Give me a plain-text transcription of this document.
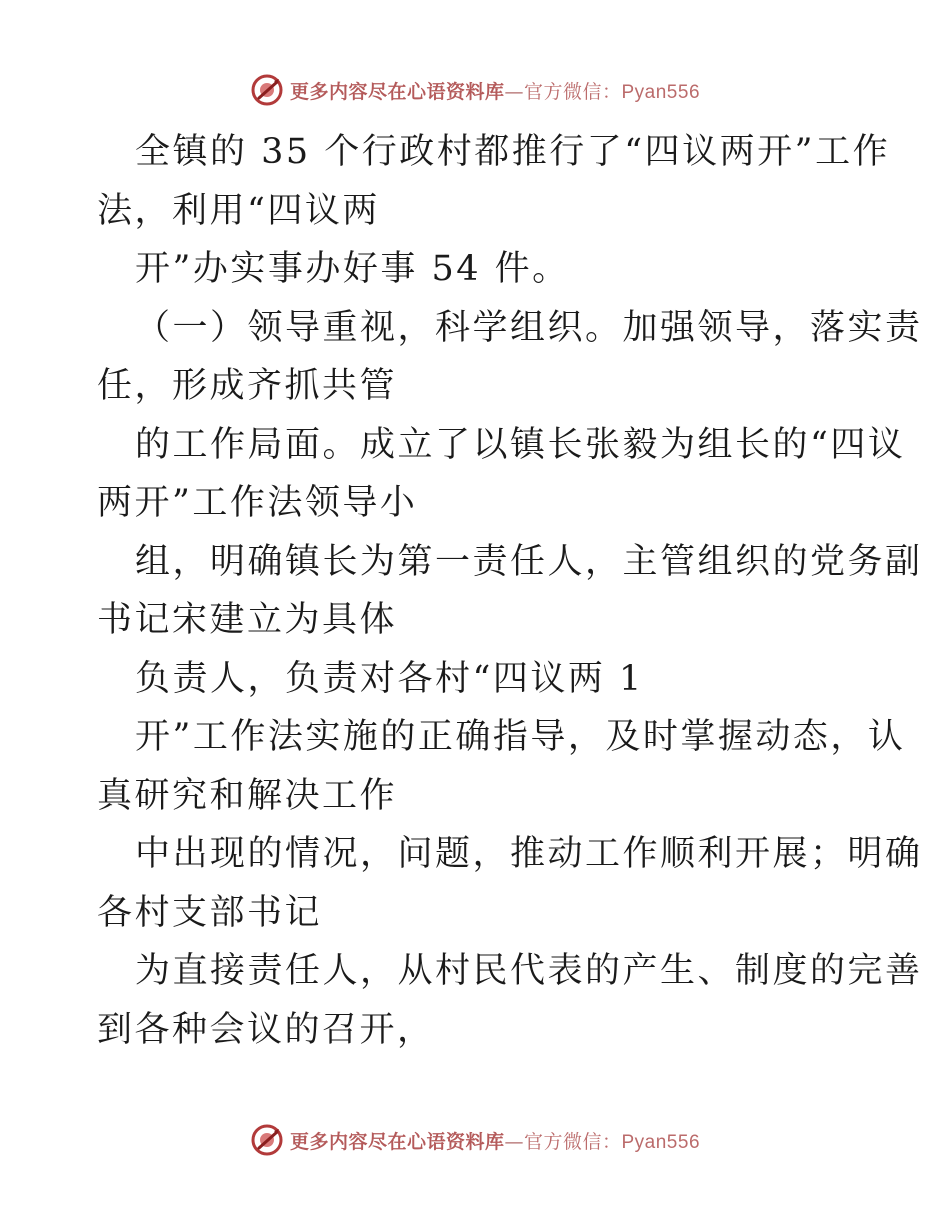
更多内容尽在心语资料库—官方微信：Pyan556
全镇的 35 个行政村都推行了“四议两开”工作
法，利用“四议两
开”办实事办好事 54 件。
（一）领导重视，科学组织。加强领导，落实责
任，形成齐抓共管
的工作局面。成立了以镇长张毅为组长的“四议
两开”工作法领导小
组，明确镇长为第一责任人，主管组织的党务副
书记宋建立为具体
负责人，负责对各村“四议两 1
开”工作法实施的正确指导，及时掌握动态，认
真研究和解决工作
中出现的情况，问题，推动工作顺利开展；明确
各村支部书记
为直接责任人，从村民代表的产生、制度的完善
到各种会议的召开，
更多内容尽在心语资料库—官方微信：Pyan556
